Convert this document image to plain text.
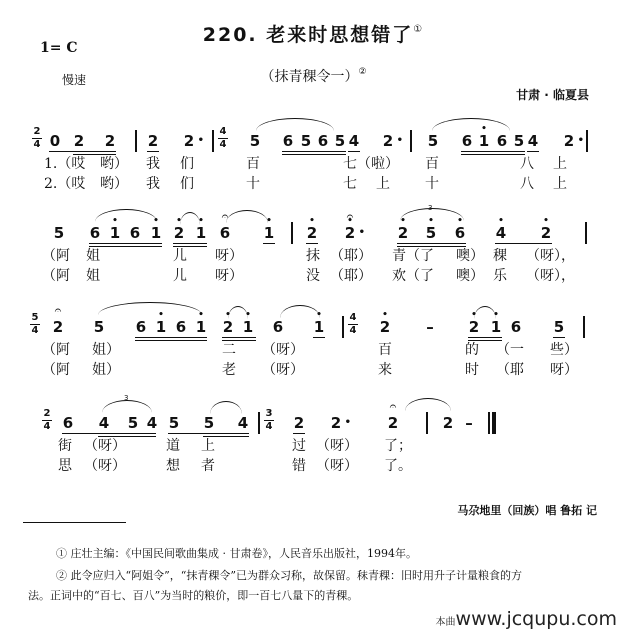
220. 老来时思想错了①
1= C
慢速	（抹青稞令一）②
甘肃 · 临夏县
2
4 0 2 2 2 2 •
4
4 5 6 5 6 5 4 2 • 5 6 • 1 6 5 4 2 •
1.（哎 哟） 我 们	百	七 （啦） 百	八 上
2.（哎 哟） 我 们	十	七 上	十	八 上
5 6 • 1 6 • 1 • 2 • 1
𝄐
6 • 1 • 2
𝄐
• 2 •
3
• 2 • 5 • 6 • 4 • 2
（阿 姐	儿 呀）	抹 （耶） 青（了 噢） 稞 （呀），
（阿 姐	儿 呀）	没 （耶） 欢（了 噢） 乐 （呀），
5
4
𝄐
2 5 6 • 1 6 • 1 • 2 • 1 6 • 1
4
4 • 2 – • 2 • 1 6 5
（阿 姐）	二 （呀）	百	的 （一 些）
（阿 姐）	老 （呀）	来	时 （耶 呀）
2
4 6
3
4 5 4 5 5 4
3
4 2 2 •
𝄐
2	2 –
街 （呀）	道 上	过 （呀） 了；
思 （呀）	想 者	错 （呀） 了。
马尕地里（回族）唱 鲁拓 记
① 庄壮主编：《中国民间歌曲集成 · 甘肃卷》，人民音乐出版社，1994年。
② 此令应归入“阿姐令”，“抹青稞令”已为群众习称，故保留。秣青稞：旧时用升子计量粮食的方
法。正词中的“百七、百八”为当时的粮价，即一百七八量下的青稞。
本曲www.jcqupu.com
